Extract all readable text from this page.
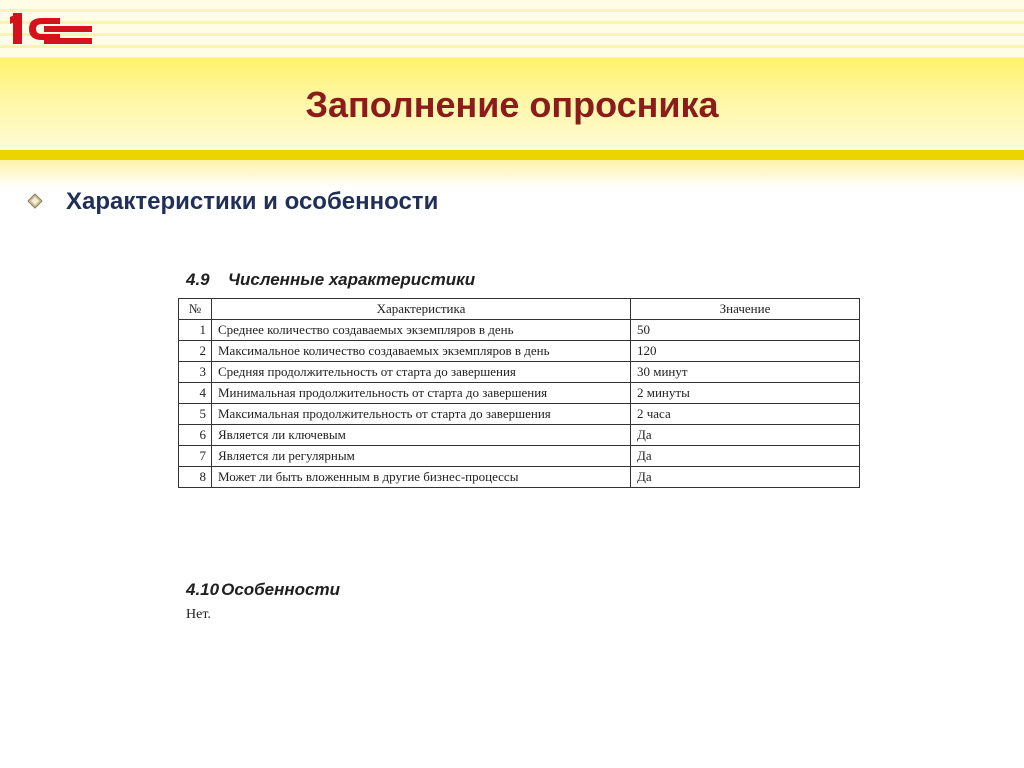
Заполнение опросника
Характеристики и особенности
4.9 Численные характеристики
№	Характеристика	Значение
1	Среднее количество создаваемых экземпляров в день	50
2	Максимальное количество создаваемых экземпляров в день	120
3	Средняя продолжительность от старта до завершения	30 минут
4	Минимальная продолжительность от старта до завершения	2 минуты
5	Максимальная продолжительность от старта до завершения	2 часа
6	Является ли ключевым	Да
7	Является ли регулярным	Да
8	Может ли быть вложенным в другие бизнес-процессы	Да
4.10 Особенности
Нет.
